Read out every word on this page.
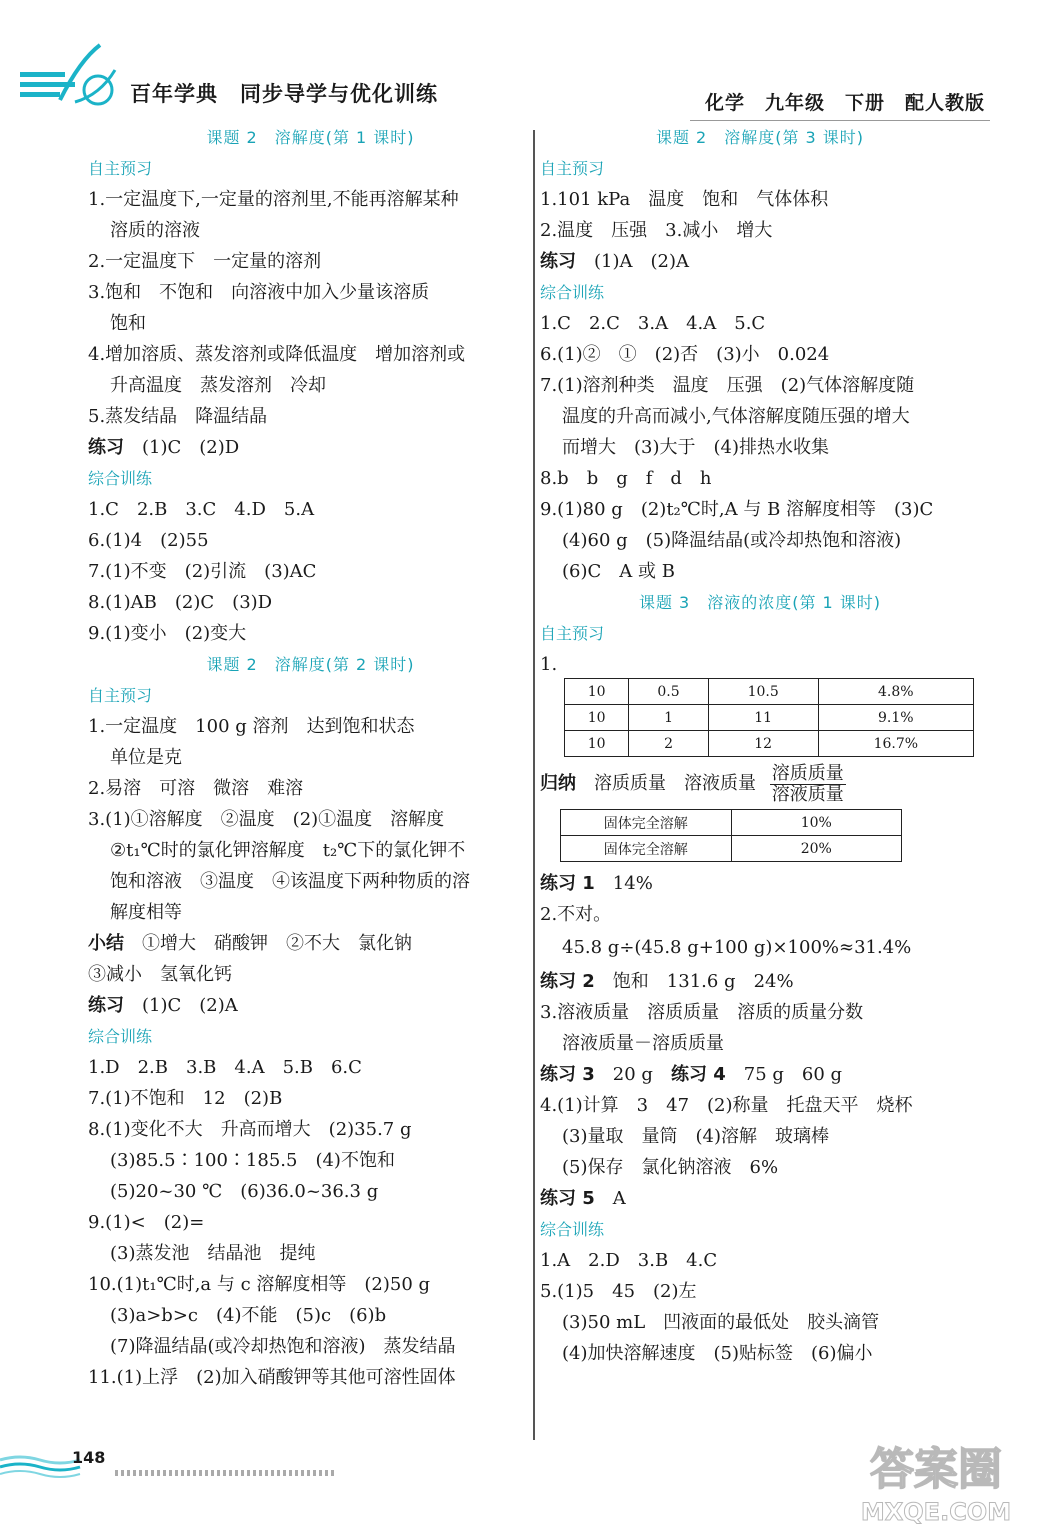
百年学典　同步导学与优化训练	化学　九年级　下册　配人教版
课题 2　溶解度(第 1 课时)
自主预习
1.一定温度下,一定量的溶剂里,不能再溶解某种
溶质的溶液
2.一定温度下　一定量的溶剂
3.饱和　不饱和　向溶液中加入少量该溶质
饱和
4.增加溶质、蒸发溶剂或降低温度　增加溶剂或
升高温度　蒸发溶剂　冷却
5.蒸发结晶　降温结晶
练习　(1)C　(2)D
综合训练
1.C　2.B　3.C　4.D　5.A
6.(1)4　(2)55
7.(1)不变　(2)引流　(3)AC
8.(1)AB　(2)C　(3)D
9.(1)变小　(2)变大
课题 2　溶解度(第 2 课时)
自主预习
1.一定温度　100 g 溶剂　达到饱和状态
单位是克
2.易溶　可溶　微溶　难溶
3.(1)①溶解度　②温度　(2)①温度　溶解度
②t₁℃时的氯化钾溶解度　t₂℃下的氯化钾不
饱和溶液　③温度　④该温度下两种物质的溶
解度相等
小结　①增大　硝酸钾　②不大　氯化钠
③减小　氢氧化钙
练习　(1)C　(2)A
综合训练
1.D　2.B　3.B　4.A　5.B　6.C
7.(1)不饱和　12　(2)B
8.(1)变化不大　升高而增大　(2)35.7 g
(3)85.5∶100∶185.5　(4)不饱和
(5)20~30 ℃　(6)36.0~36.3 g
9.(1)<　(2)=
(3)蒸发池　结晶池　提纯
10.(1)t₁℃时,a 与 c 溶解度相等　(2)50 g
(3)a>b>c　(4)不能　(5)c　(6)b
(7)降温结晶(或冷却热饱和溶液)　蒸发结晶
11.(1)上浮　(2)加入硝酸钾等其他可溶性固体
课题 2　溶解度(第 3 课时)
自主预习
1.101 kPa　温度　饱和　气体体积
2.温度　压强　3.减小　增大
练习　(1)A　(2)A
综合训练
1.C　2.C　3.A　4.A　5.C
6.(1)②　①　(2)否　(3)小　0.024
7.(1)溶剂种类　温度　压强　(2)气体溶解度随
温度的升高而减小,气体溶解度随压强的增大
而增大　(3)大于　(4)排热水收集
8.b　b　g　f　d　h
9.(1)80 g　(2)t₂℃时,A 与 B 溶解度相等　(3)C
(4)60 g　(5)降温结晶(或冷却热饱和溶液)
(6)C　A 或 B
课题 3　溶液的浓度(第 1 课时)
自主预习
1.
10	0.5	10.5	4.8%
10	1	11	9.1%
10	2	12	16.7%
归纳　溶质质量　溶液质量 $\frac{\text{溶质质量}}{\text{溶液质量}}$
固体完全溶解	10%
固体完全溶解	20%
练习 1　14%
2.不对。
45.8 g÷(45.8 g+100 g)×100%≈31.4%
练习 2　饱和　131.6 g　24%
3.溶液质量　溶质质量　溶质的质量分数
溶液质量－溶质质量
练习 3　20 g　练习 4　75 g　60 g
4.(1)计算　3　47　(2)称量　托盘天平　烧杯
(3)量取　量筒　(4)溶解　玻璃棒
(5)保存　氯化钠溶液　6%
练习 5　A
综合训练
1.A　2.D　3.B　4.C
5.(1)5　45　(2)左
(3)50 mL　凹液面的最低处　胶头滴管
(4)加快溶解速度　(5)贴标签　(6)偏小
148	答案圈
MXQE.COM
